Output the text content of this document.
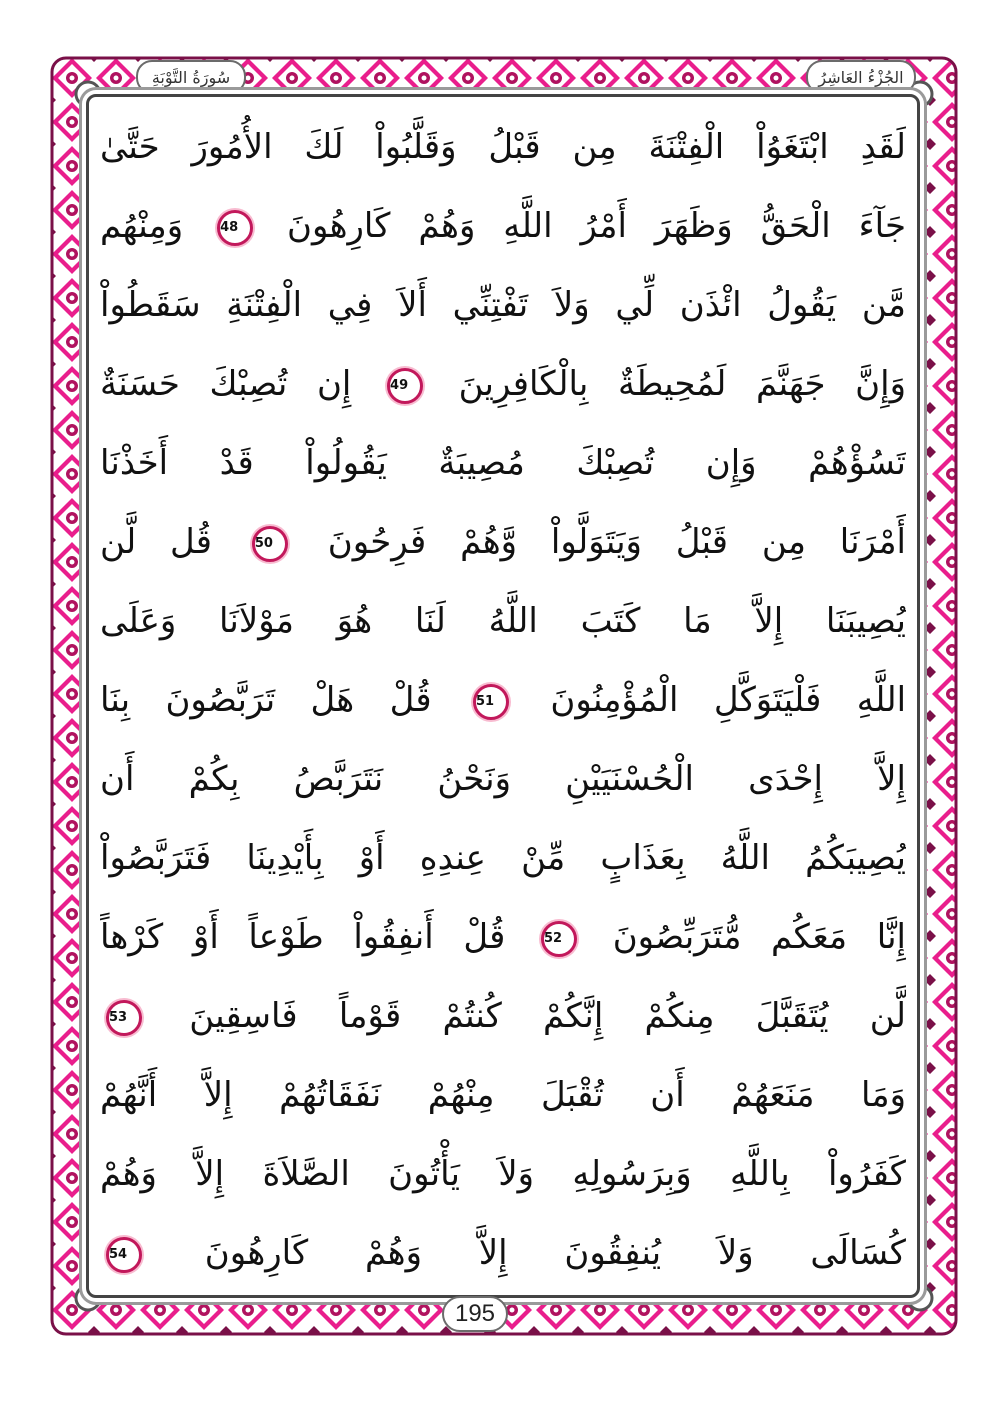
الجُزْءُ العَاشِرُ
سُورَةُ التَّوْبَةِ
لَقَدِ ابْتَغَوُاْ الْفِتْنَةَ مِن قَبْلُ وَقَلَّبُواْ لَكَ الأُمُورَ حَتَّىٰ
جَآءَ الْحَقُّ وَظَهَرَ أَمْرُ اللَّهِ وَهُمْ كَارِهُونَ 48 وَمِنْهُم
مَّن يَقُولُ ائْذَن لِّي وَلاَ تَفْتِنِّي أَلاَ فِي الْفِتْنَةِ سَقَطُواْ
وَإِنَّ جَهَنَّمَ لَمُحِيطَةٌ بِالْكَافِرِينَ 49 إِن تُصِبْكَ حَسَنَةٌ
تَسُؤْهُمْ وَإِن تُصِبْكَ مُصِيبَةٌ يَقُولُواْ قَدْ أَخَذْنَا
أَمْرَنَا مِن قَبْلُ وَيَتَوَلَّواْ وَّهُمْ فَرِحُونَ 50 قُل لَّن
يُصِيبَنَا إِلاَّ مَا كَتَبَ اللَّهُ لَنَا هُوَ مَوْلاَنَا وَعَلَى
اللَّهِ فَلْيَتَوَكَّلِ الْمُؤْمِنُونَ 51 قُلْ هَلْ تَرَبَّصُونَ بِنَا
إِلاَّ إِحْدَى الْحُسْنَيَيْنِ وَنَحْنُ نَتَرَبَّصُ بِكُمْ أَن
يُصِيبَكُمُ اللَّهُ بِعَذَابٍ مِّنْ عِندِهِ أَوْ بِأَيْدِينَا فَتَرَبَّصُواْ
إِنَّا مَعَكُم مُّتَرَبِّصُونَ 52 قُلْ أَنفِقُواْ طَوْعاً أَوْ كَرْهاً
لَّن يُتَقَبَّلَ مِنكُمْ إِنَّكُمْ كُنتُمْ قَوْماً فَاسِقِينَ 53
وَمَا مَنَعَهُمْ أَن تُقْبَلَ مِنْهُمْ نَفَقَاتُهُمْ إِلاَّ أَنَّهُمْ
كَفَرُواْ بِاللَّهِ وَبِرَسُولِهِ وَلاَ يَأْتُونَ الصَّلاَةَ إِلاَّ وَهُمْ
كُسَالَى وَلاَ يُنفِقُونَ إِلاَّ وَهُمْ كَارِهُونَ 54
195
